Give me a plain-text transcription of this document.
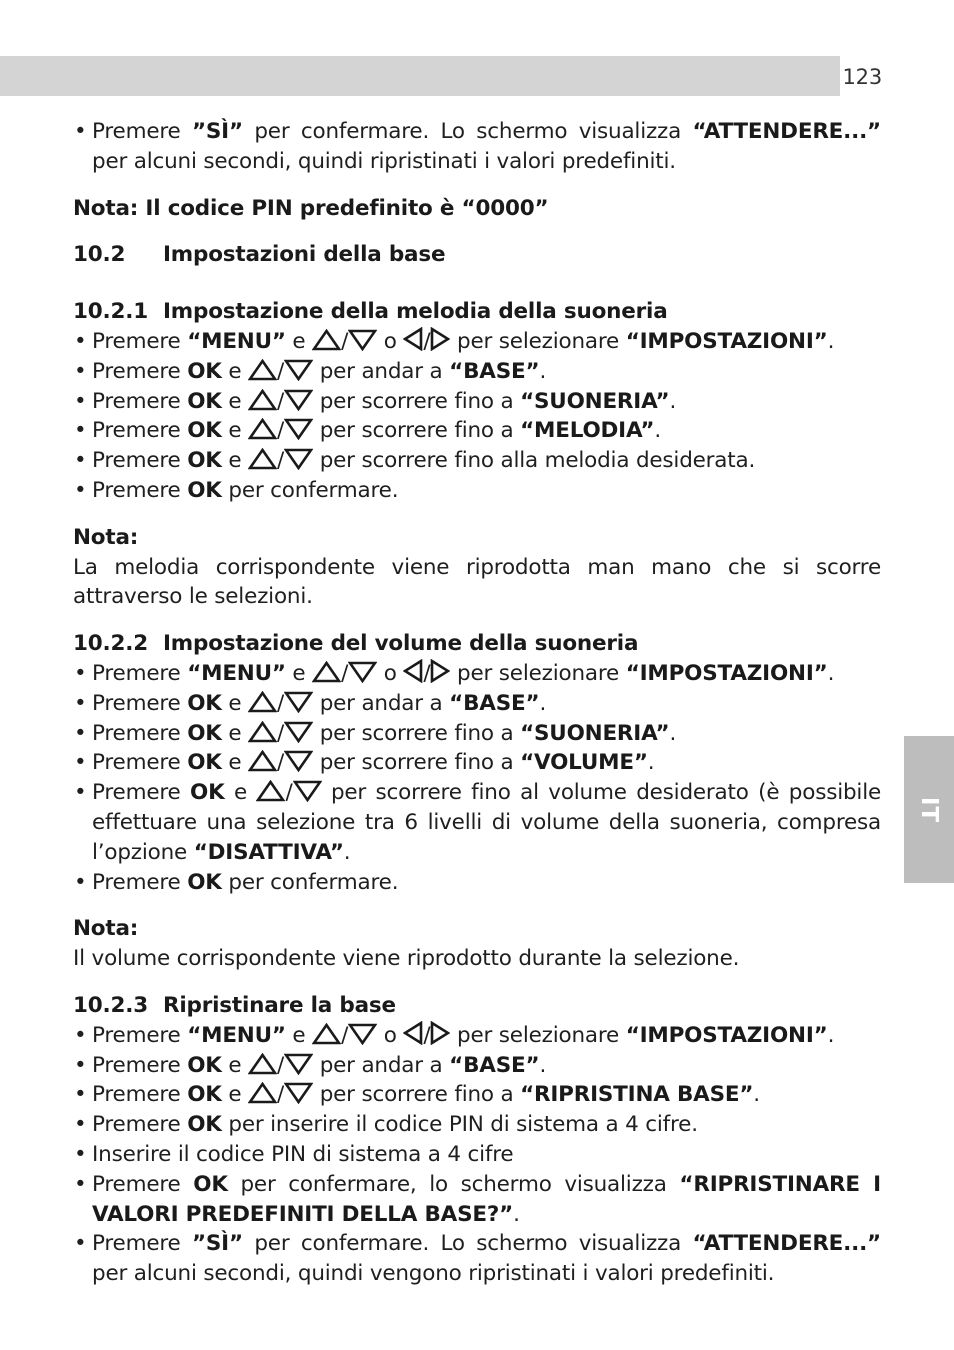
123
IT
• Premere ”SÌ” per confermare. Lo schermo visualizza “ATTENDERE...”
per alcuni secondi, quindi ripristinati i valori predefiniti.
Nota: Il codice PIN predefinito è “0000”
10.2 Impostazioni della base
10.2.1 Impostazione della melodia della suoneria
• Premere “MENU” e
/
o
/
per selezionare “IMPOSTAZIONI”.
• Premere OK e
/
per andar a “BASE”.
• Premere OK e
/
per scorrere fino a “SUONERIA”.
• Premere OK e
/
per scorrere fino a “MELODIA”.
• Premere OK e
/
per scorrere fino alla melodia desiderata.
• Premere OK per confermare.
Nota:
La melodia corrispondente viene riprodotta man mano che si scorre
attraverso le selezioni.
10.2.2 Impostazione del volume della suoneria
• Premere “MENU” e
/
o
/
per selezionare “IMPOSTAZIONI”.
• Premere OK e
/
per andar a “BASE”.
• Premere OK e
/
per scorrere fino a “SUONERIA”.
• Premere OK e
/
per scorrere fino a “VOLUME”.
• Premere OK e
/
per scorrere fino al volume desiderato (è possibile
effettuare una selezione tra 6 livelli di volume della suoneria, compresa
l’opzione “DISATTIVA”.
• Premere OK per confermare.
Nota:
Il volume corrispondente viene riprodotto durante la selezione.
10.2.3 Ripristinare la base
• Premere “MENU” e
/
o
/
per selezionare “IMPOSTAZIONI”.
• Premere OK e
/
per andar a “BASE”.
• Premere OK e
/
per scorrere fino a “RIPRISTINA BASE”.
• Premere OK per inserire il codice PIN di sistema a 4 cifre.
• Inserire il codice PIN di sistema a 4 cifre
• Premere OK per confermare, lo schermo visualizza “RIPRISTINARE I
VALORI PREDEFINITI DELLA BASE?”.
• Premere ”SÌ” per confermare. Lo schermo visualizza “ATTENDERE...”
per alcuni secondi, quindi vengono ripristinati i valori predefiniti.
